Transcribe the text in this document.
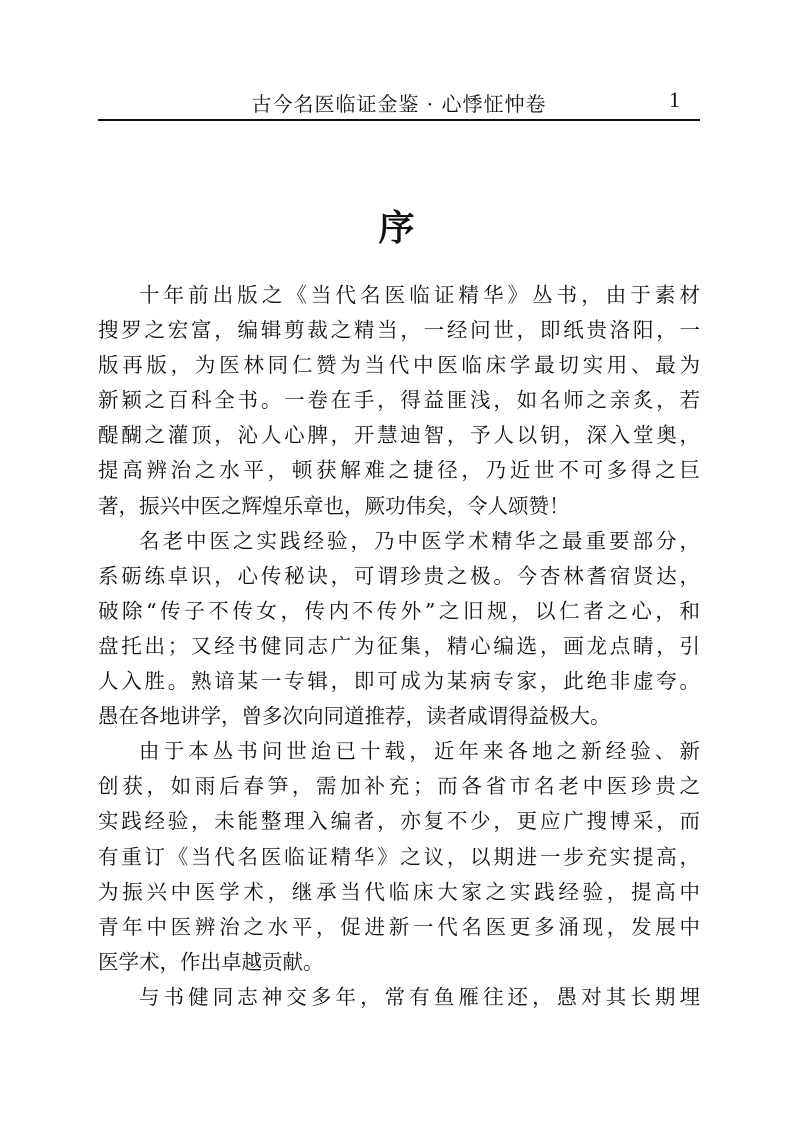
古今名医临证金鉴 · 心悸怔忡卷	1
序
十年前出版之《当代名医临证精华》丛书，由于素材
搜罗之宏富，编辑剪裁之精当，一经问世，即纸贵洛阳，一
版再版，为医林同仁赞为当代中医临床学最切实用、最为
新颖之百科全书。一卷在手，得益匪浅，如名师之亲炙，若
醍醐之灌顶，沁人心脾，开慧迪智，予人以钥，深入堂奥，
提高辨治之水平，顿获解难之捷径，乃近世不可多得之巨
著，振兴中医之辉煌乐章也，厥功伟矣，令人颂赞！
名老中医之实践经验，乃中医学术精华之最重要部分，
系砺练卓识，心传秘诀，可谓珍贵之极。今杏林耆宿贤达，
破除“传子不传女，传内不传外”之旧规，以仁者之心，和
盘托出；又经书健同志广为征集，精心编选，画龙点睛，引
人入胜。熟谙某一专辑，即可成为某病专家，此绝非虚夸。
愚在各地讲学，曾多次向同道推荐，读者咸谓得益极大。
由于本丛书问世迨已十载，近年来各地之新经验、新
创获，如雨后春笋，需加补充；而各省市名老中医珍贵之
实践经验，未能整理入编者，亦复不少，更应广搜博采，而
有重订《当代名医临证精华》之议，以期进一步充实提高，
为振兴中医学术，继承当代临床大家之实践经验，提高中
青年中医辨治之水平，促进新一代名医更多涌现，发展中
医学术，作出卓越贡献。
与书健同志神交多年，常有鱼雁往还，愚对其长期埋
